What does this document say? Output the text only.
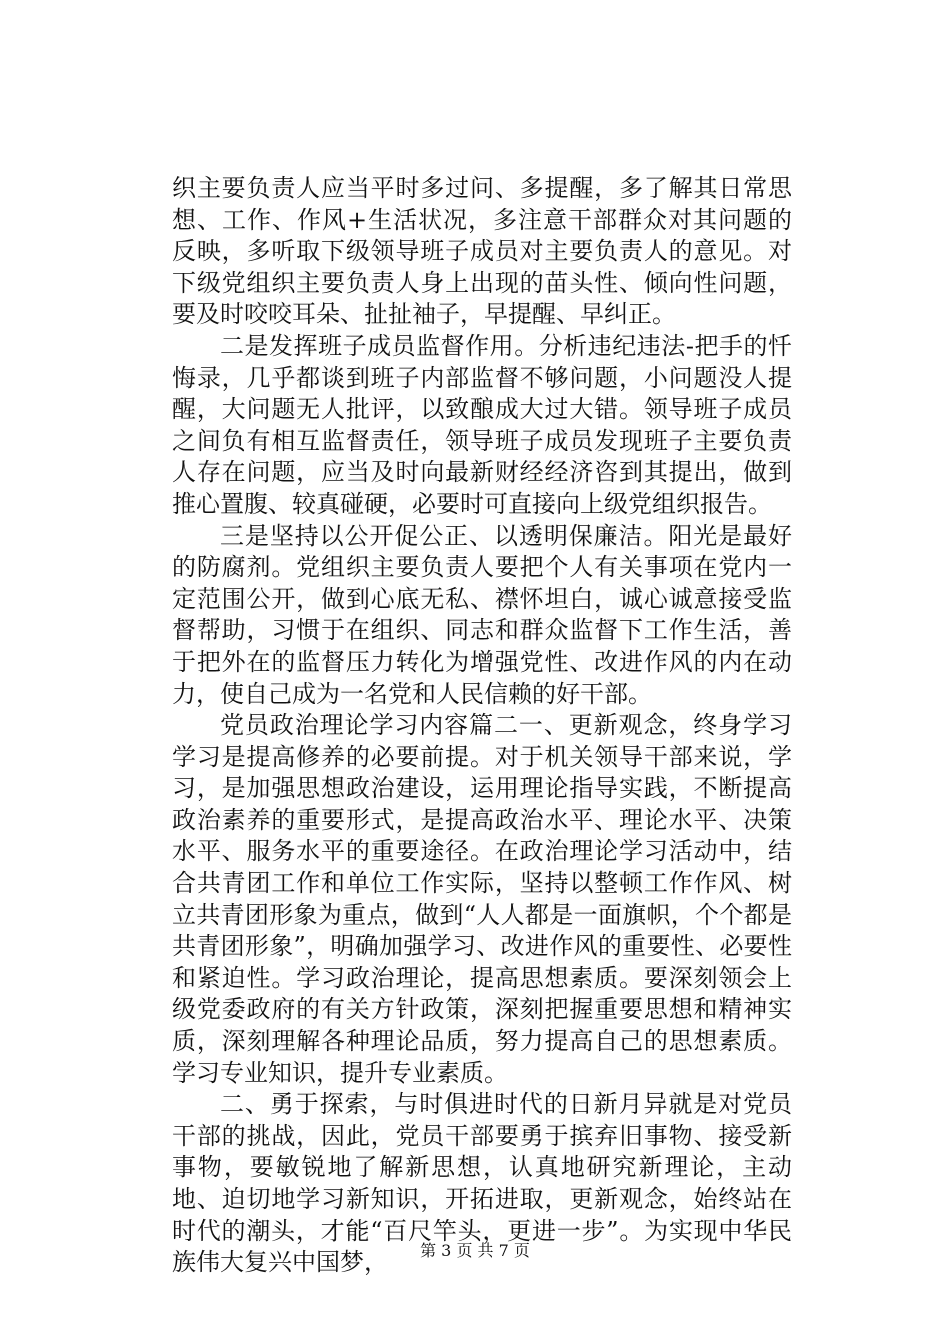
织主要负责人应当平时多过问、多提醒，多了解其日常思想、工作、作风+生活状况，多注意干部群众对其问题的反映，多听取下级领导班子成员对主要负责人的意见。对下级党组织主要负责人身上出现的苗头性、倾向性问题，要及时咬咬耳朵、扯扯袖子，早提醒、早纠正。

二是发挥班子成员监督作用。分析违纪违法-把手的忏悔录，几乎都谈到班子内部监督不够问题，小问题没人提醒，大问题无人批评，以致酿成大过大错。领导班子成员之间负有相互监督责任，领导班子成员发现班子主要负责人存在问题，应当及时向最新财经经济咨到其提出，做到推心置腹、较真碰硬，必要时可直接向上级党组织报告。

三是坚持以公开促公正、以透明保廉洁。阳光是最好的防腐剂。党组织主要负责人要把个人有关事项在党内一定范围公开，做到心底无私、襟怀坦白，诚心诚意接受监督帮助，习惯于在组织、同志和群众监督下工作生活，善于把外在的监督压力转化为增强党性、改进作风的内在动力，使自己成为一名党和人民信赖的好干部。

党员政治理论学习内容篇二一、更新观念，终身学习学习是提高修养的必要前提。对于机关领导干部来说，学习，是加强思想政治建设，运用理论指导实践，不断提高政治素养的重要形式，是提高政治水平、理论水平、决策水平、服务水平的重要途径。在政治理论学习活动中，结合共青团工作和单位工作实际，坚持以整顿工作作风、树立共青团形象为重点，做到“人人都是一面旗帜，个个都是共青团形象”，明确加强学习、改进作风的重要性、必要性和紧迫性。学习政治理论，提高思想素质。要深刻领会上级党委政府的有关方针政策，深刻把握重要思想和精神实质，深刻理解各种理论品质，努力提高自己的思想素质。学习专业知识，提升专业素质。

二、勇于探索，与时俱进时代的日新月异就是对党员干部的挑战，因此，党员干部要勇于摈弃旧事物、接受新事物，要敏锐地了解新思想，认真地研究新理论，主动地、迫切地学习新知识，开拓进取，更新观念，始终站在时代的潮头，才能“百尺竿头，更进一步”。为实现中华民族伟大复兴中国梦，	第 3 页 共 7 页
